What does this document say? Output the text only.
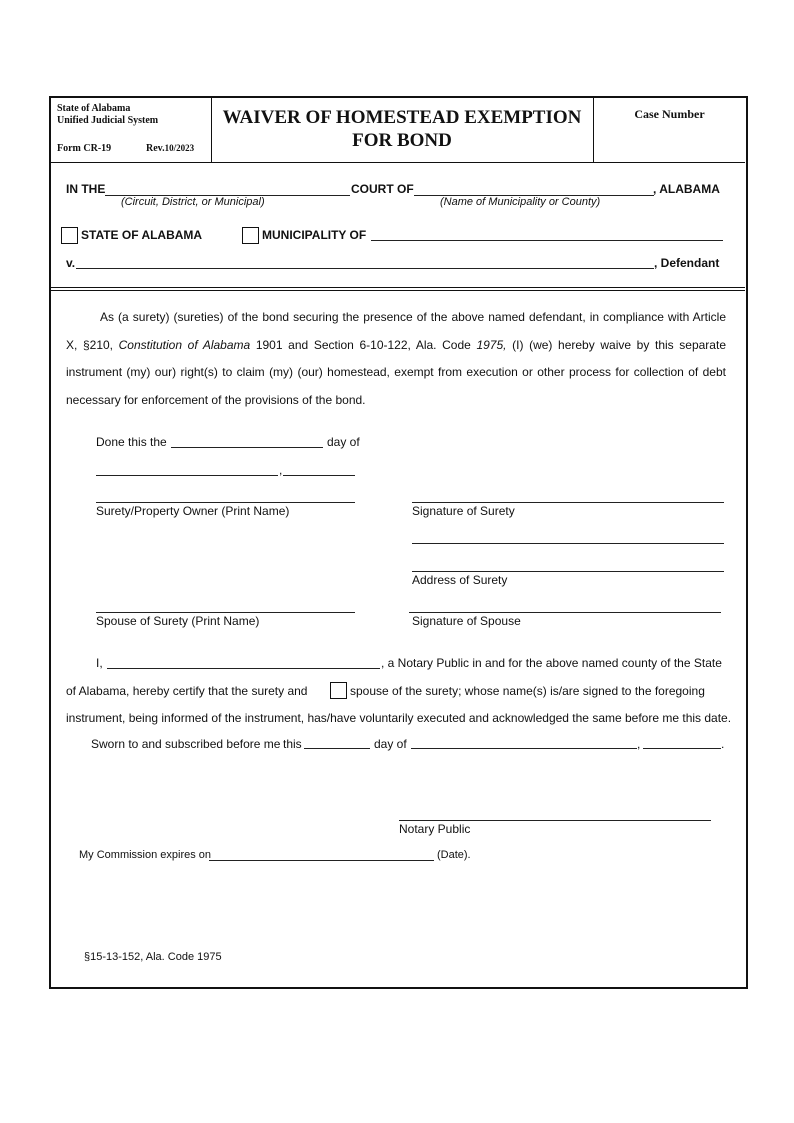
State of Alabama
Unified Judicial System
Form CR-19	Rev.10/2023
WAIVER OF HOMESTEAD EXEMPTION
FOR BOND
Case Number
IN THE	COURT OF	, ALABAMA
(Circuit, District, or Municipal)	(Name of Municipality or County)
STATE OF ALABAMA	MUNICIPALITY OF
v.	, Defendant
As (a surety) (sureties) of the bond securing the presence of the above named defendant, in compliance with Article X, §210, Constitution of Alabama 1901 and Section 6-10-122, Ala. Code 1975, (I) (we) hereby waive by this separate instrument (my) our) right(s) to claim (my) (our) homestead, exempt from execution or other process for collection of debt necessary for enforcement of the provisions of the bond.
Done this the	day of
,
Surety/Property Owner (Print Name)	Signature of Surety
Address of Surety
Spouse of Surety (Print Name)	Signature of Spouse
I,	, a Notary Public in and for the above named county of the State
of Alabama, hereby certify that the surety and	spouse of the surety; whose name(s) is/are signed to the foregoing
instrument, being informed of the instrument, has/have voluntarily executed and acknowledged the same before me this date.
Sworn to and subscribed before me this	day of	,	.
Notary Public
My Commission expires on	(Date).
§15-13-152, Ala. Code 1975
